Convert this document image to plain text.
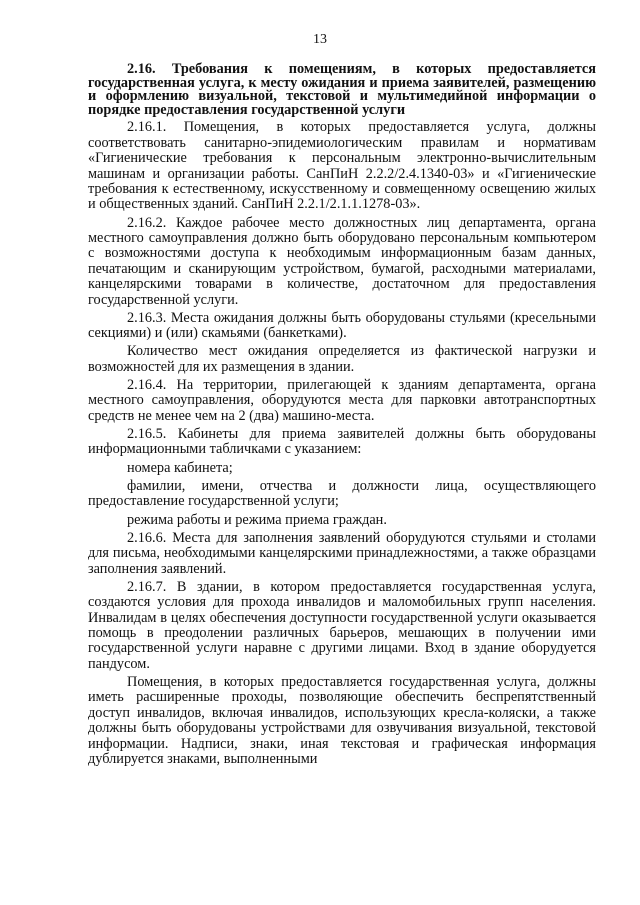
13

2.16. Требования к помещениям, в которых предоставляется государственная услуга, к месту ожидания и приема заявителей, размещению и оформлению визуальной, текстовой и мультимедийной информации о порядке предоставления государственной услуги

2.16.1. Помещения, в которых предоставляется услуга, должны соответствовать санитарно-эпидемиологическим правилам и нормативам «Гигиенические требования к персональным электронно-вычислительным машинам и организации работы. СанПиН 2.2.2/2.4.1340-03» и «Гигиенические требования к естественному, искусственному и совмещенному освещению жилых и общественных зданий. СанПиН 2.2.1/2.1.1.1278-03».

2.16.2. Каждое рабочее место должностных лиц департамента, органа местного самоуправления должно быть оборудовано персональным компьютером с возможностями доступа к необходимым информационным базам данных, печатающим и сканирующим устройством, бумагой, расходными материалами, канцелярскими товарами в количестве, достаточном для предоставления государственной услуги.

2.16.3. Места ожидания должны быть оборудованы стульями (кресельными секциями) и (или) скамьями (банкетками).

Количество мест ожидания определяется из фактической нагрузки и возможностей для их размещения в здании.

2.16.4. На территории, прилегающей к зданиям департамента, органа местного самоуправления, оборудуются места для парковки автотранспортных средств не менее чем на 2 (два) машино-места.

2.16.5. Кабинеты для приема заявителей должны быть оборудованы информационными табличками с указанием:

номера кабинета;

фамилии, имени, отчества и должности лица, осуществляющего предоставление государственной услуги;

режима работы и режима приема граждан.

2.16.6. Места для заполнения заявлений оборудуются стульями и столами для письма, необходимыми канцелярскими принадлежностями, а также образцами заполнения заявлений.

2.16.7. В здании, в котором предоставляется государственная услуга, создаются условия для прохода инвалидов и маломобильных групп населения. Инвалидам в целях обеспечения доступности государственной услуги оказывается помощь в преодолении различных барьеров, мешающих в получении ими государственной услуги наравне с другими лицами. Вход в здание оборудуется пандусом.

Помещения, в которых предоставляется государственная услуга, должны иметь расширенные проходы, позволяющие обеспечить беспрепятственный доступ инвалидов, включая инвалидов, использующих кресла-коляски, а также должны быть оборудованы устройствами для озвучивания визуальной, текстовой информации. Надписи, знаки, иная текстовая и графическая информация дублируется знаками, выполненными
